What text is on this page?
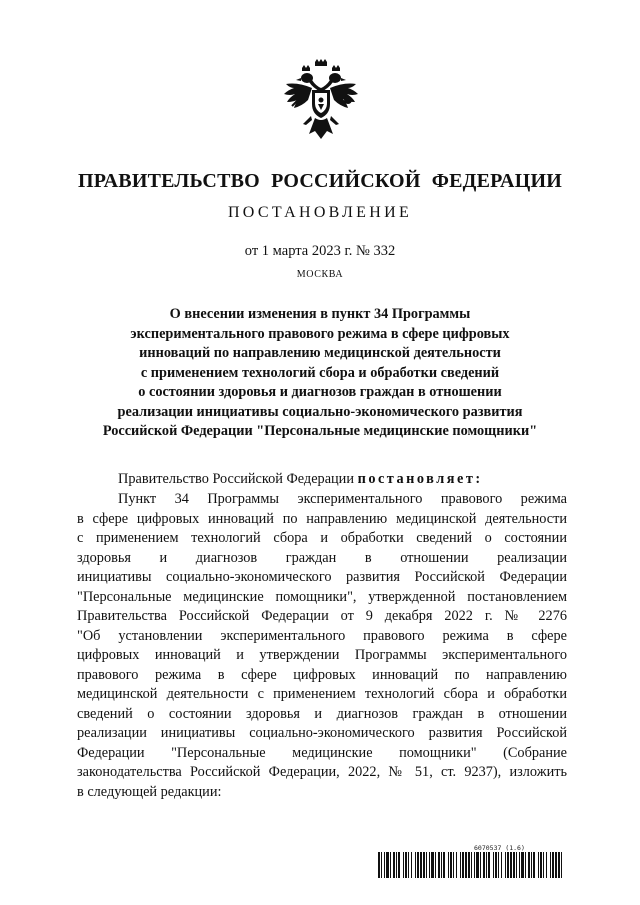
ПРАВИТЕЛЬСТВО РОССИЙСКОЙ ФЕДЕРАЦИИ
ПОСТАНОВЛЕНИЕ
от 1 марта 2023 г. № 332
МОСКВА
О внесении изменения в пункт 34 Программы
экспериментального правового режима в сфере цифровых
инноваций по направлению медицинской деятельности
с применением технологий сбора и обработки сведений
о состоянии здоровья и диагнозов граждан в отношении
реализации инициативы социально-экономического развития
Российской Федерации "Персональные медицинские помощники"
Правительство Российской Федерации постановляет:
Пункт 34 Программы экспериментального правового режима
в сфере цифровых инноваций по направлению медицинской деятельности
с применением технологий сбора и обработки сведений о состоянии
здоровья и диагнозов граждан в отношении реализации
инициативы социально-экономического развития Российской Федерации
"Персональные медицинские помощники", утвержденной постановлением
Правительства Российской Федерации от 9 декабря 2022 г. № 2276
"Об установлении экспериментального правового режима в сфере
цифровых инноваций и утверждении Программы экспериментального
правового режима в сфере цифровых инноваций по направлению
медицинской деятельности с применением технологий сбора и обработки
сведений о состоянии здоровья и диагнозов граждан в отношении
реализации инициативы социально-экономического развития Российской
Федерации "Персональные медицинские помощники" (Собрание
законодательства Российской Федерации, 2022, № 51, ст. 9237), изложить
в следующей редакции:
6070537 (1.6)
